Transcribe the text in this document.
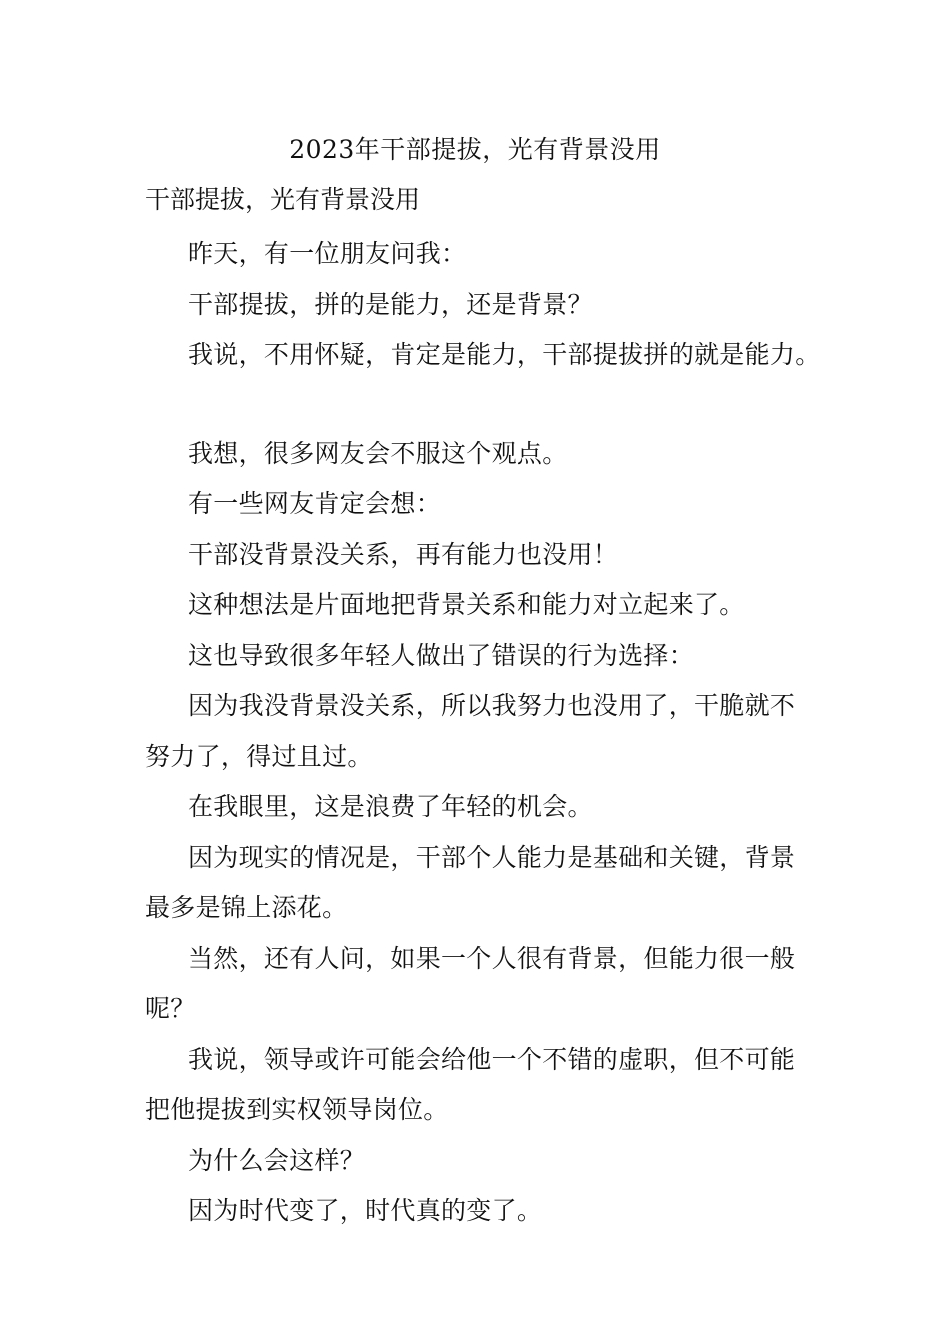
2023年干部提拔，光有背景没用

干部提拔，光有背景没用

昨天，有一位朋友问我：

干部提拔，拼的是能力，还是背景？

我说，不用怀疑，肯定是能力，干部提拔拼的就是能力。

我想，很多网友会不服这个观点。

有一些网友肯定会想：

干部没背景没关系，再有能力也没用！

这种想法是片面地把背景关系和能力对立起来了。

这也导致很多年轻人做出了错误的行为选择：

因为我没背景没关系，所以我努力也没用了，干脆就不努力了，得过且过。

在我眼里，这是浪费了年轻的机会。

因为现实的情况是，干部个人能力是基础和关键，背景最多是锦上添花。

当然，还有人问，如果一个人很有背景，但能力很一般呢？

我说，领导或许可能会给他一个不错的虚职，但不可能把他提拔到实权领导岗位。

为什么会这样？

因为时代变了，时代真的变了。
